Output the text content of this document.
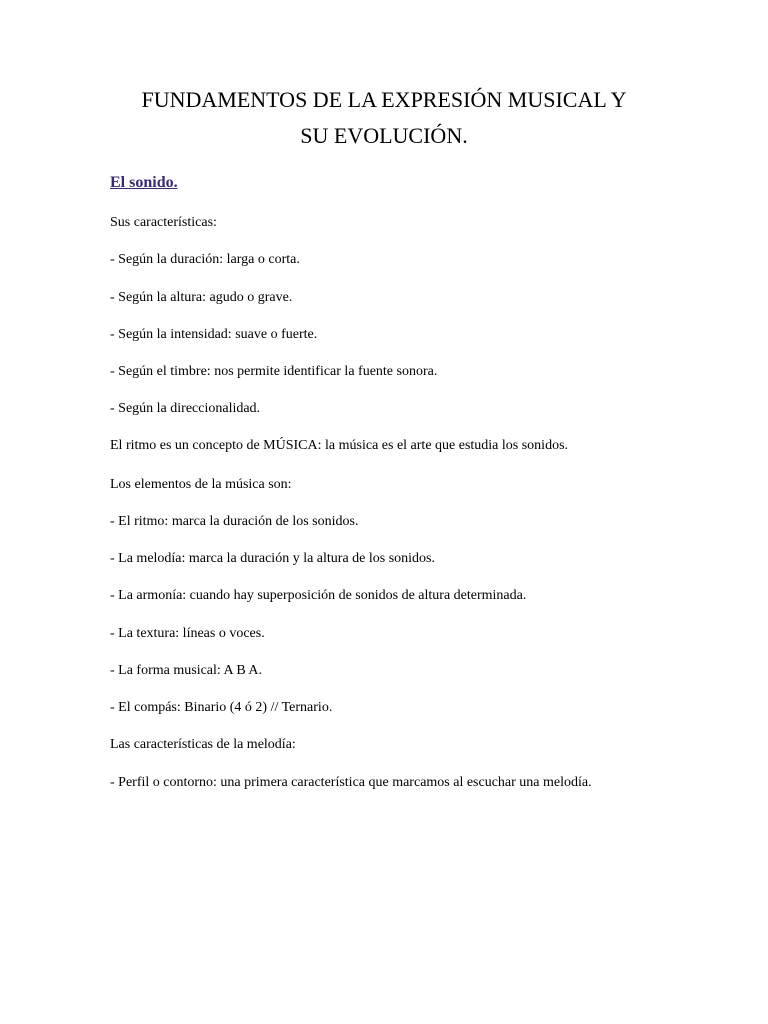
FUNDAMENTOS DE LA EXPRESIÓN MUSICAL Y
SU EVOLUCIÓN.
El sonido.

Sus características:

- Según la duración: larga o corta.

- Según la altura: agudo o grave.

- Según la intensidad: suave o fuerte.

- Según el timbre: nos permite identificar la fuente sonora.

- Según la direccionalidad.

El ritmo es un concepto de MÚSICA: la música es el arte que estudia los sonidos.

Los elementos de la música son:

- El ritmo: marca la duración de los sonidos.

- La melodía: marca la duración y la altura de los sonidos.

- La armonía: cuando hay superposición de sonidos de altura determinada.

- La textura: líneas o voces.

- La forma musical: A B A.

- El compás: Binario (4 ó 2) // Ternario.

Las características de la melodía:

- Perfil o contorno: una primera característica que marcamos al escuchar una melodía.
